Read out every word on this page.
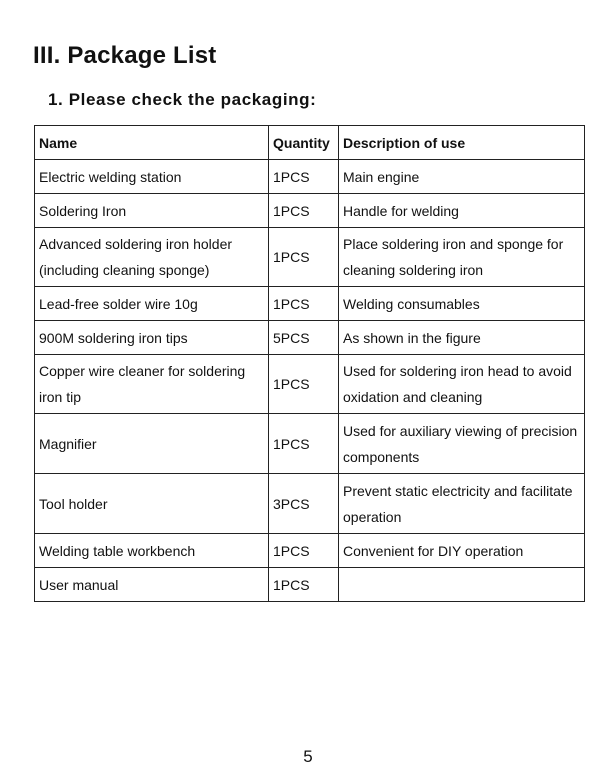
III. Package List
1. Please check the packaging:
Name	Quantity	Description of use
Electric welding station	1PCS	Main engine
Soldering Iron	1PCS	Handle for welding
Advanced soldering iron holder (including cleaning sponge)	1PCS	Place soldering iron and sponge for cleaning soldering iron
Lead-free solder wire 10g	1PCS	Welding consumables
900M soldering iron tips	5PCS	As shown in the figure
Copper wire cleaner for soldering iron tip	1PCS	Used for soldering iron head to avoid oxidation and cleaning
Magnifier	1PCS	Used for auxiliary viewing of precision components
Tool holder	3PCS	Prevent static electricity and facilitate operation
Welding table workbench	1PCS	Convenient for DIY operation
User manual	1PCS	
5
